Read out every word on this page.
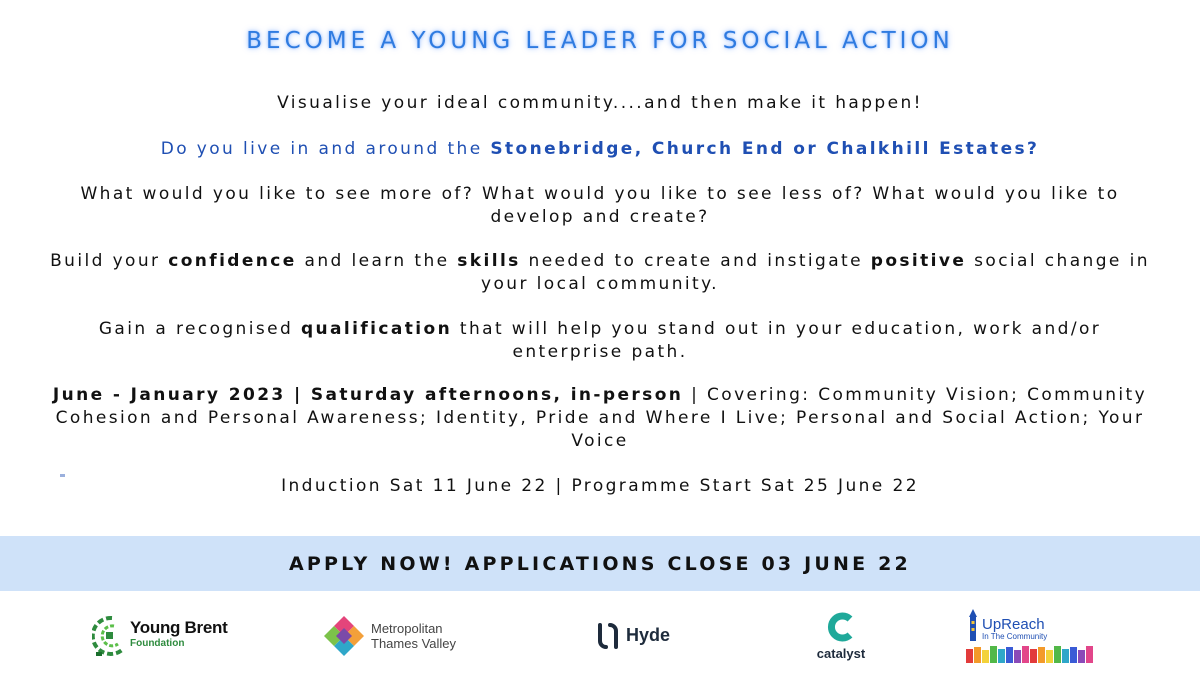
BECOME A YOUNG LEADER FOR SOCIAL ACTION
Visualise your ideal community....and then make it happen!
Do you live in and around the Stonebridge, Church End or Chalkhill Estates?
What would you like to see more of? What would you like to see less of? What would you like to develop and create?
Build your confidence and learn the skills needed to create and instigate positive social change in your local community.
Gain a recognised qualification that will help you stand out in your education, work and/or enterprise path.
June - January 2023 | Saturday afternoons, in-person | Covering: Community Vision; Community Cohesion and Personal Awareness; Identity, Pride and Where I Live; Personal and Social Action; Your Voice
Induction Sat 11 June 22 | Programme Start Sat 25 June 22
APPLY NOW! APPLICATIONS CLOSE 03 JUNE 22
Young Brent
Foundation
Metropolitan
Thames Valley	Hyde
catalyst
UpReach
In The Community
